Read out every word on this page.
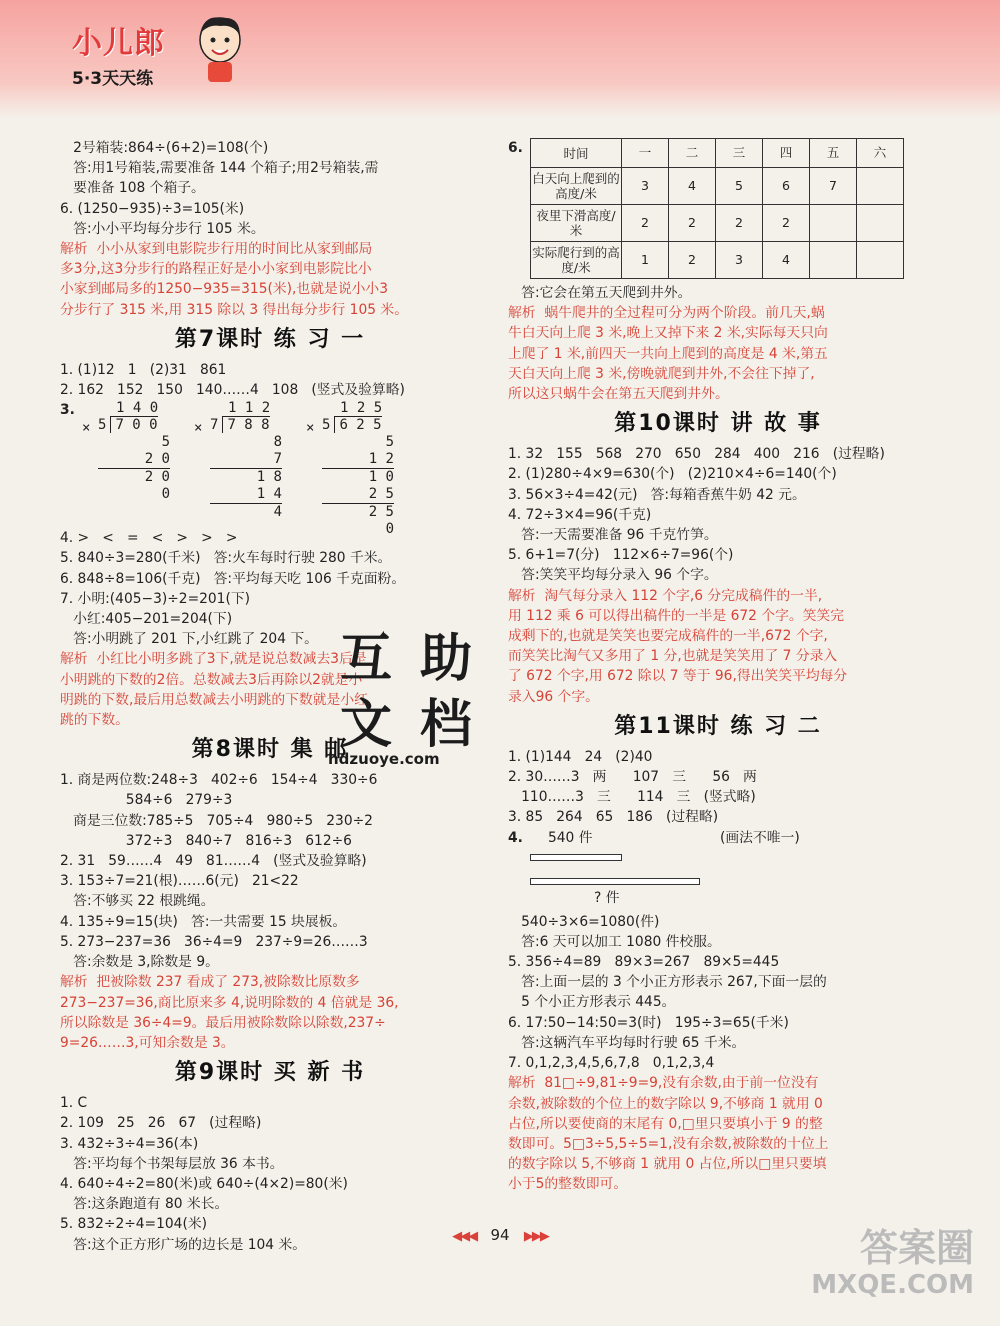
小儿郎
5·3天天练
2号箱装:864÷(6+2)=108(个)
答:用1号箱装,需要准备 144 个箱子;用2号箱装,需
要准备 108 个箱子。
6. (1250−935)÷3=105(米)
答:小小平均每分步行 105 米。
解析  小小从家到电影院步行用的时间比从家到邮局
多3分,这3分步行的路程正好是小小家到电影院比小
小家到邮局多的1250−935=315(米),也就是说小小3
分步行了 315 米,用 315 除以 3 得出每分步行 105 米。
第7课时 练 习 一
1. (1)12   1   (2)31   861
2. 162   152   150   140……4   108   (竖式及验算略)
3.
×
1 4 0
5 7 0 0
5
2 0
2 0
0
×
1 1 2
7 7 8 8
8
7
1 8
1 4
4
×
1 2 5
5 6 2 5
5
1 2
1 0
2 5
2 5
0
4. >   <   =   <   >   >   >
5. 840÷3=280(千米)   答:火车每时行驶 280 千米。
6. 848÷8=106(千克)   答:平均每天吃 106 千克面粉。
7. 小明:(405−3)÷2=201(下)
小红:405−201=204(下)
答:小明跳了 201 下,小红跳了 204 下。
解析  小红比小明多跳了3下,就是说总数减去3后是
小明跳的下数的2倍。总数减去3后再除以2就是小
明跳的下数,最后用总数减去小明跳的下数就是小红
跳的下数。
第8课时 集 邮
1. 商是两位数:248÷3   402÷6   154÷4   330÷6
584÷6   279÷3
商是三位数:785÷5   705÷4   980÷5   230÷2
372÷3   840÷7   816÷3   612÷6
2. 31   59……4   49   81……4   (竖式及验算略)
3. 153÷7=21(根)……6(元)   21<22
答:不够买 22 根跳绳。
4. 135÷9=15(块)   答:一共需要 15 块展板。
5. 273−237=36   36÷4=9   237÷9=26……3
答:余数是 3,除数是 9。
解析  把被除数 237 看成了 273,被除数比原数多
273−237=36,商比原来多 4,说明除数的 4 倍就是 36,
所以除数是 36÷4=9。最后用被除数除以除数,237÷
9=26……3,可知余数是 3。
第9课时 买 新 书
1. C
2. 109   25   26   67   (过程略)
3. 432÷3÷4=36(本)
答:平均每个书架每层放 36 本书。
4. 640÷4÷2=80(米)或 640÷(4×2)=80(米)
答:这条跑道有 80 米长。
5. 832÷2÷4=104(米)
答:这个正方形广场的边长是 104 米。
6.	时间	一	二	三	四	五	六
白天向上爬到的高度/米	3	4	5	6	7	
夜里下滑高度/米	2	2	2	2		
实际爬行到的高度/米	1	2	3	4		
答:它会在第五天爬到井外。
解析  蜗牛爬井的全过程可分为两个阶段。前几天,蜗
牛白天向上爬 3 米,晚上又掉下来 2 米,实际每天只向
上爬了 1 米,前四天一共向上爬到的高度是 4 米,第五
天白天向上爬 3 米,傍晚就爬到井外,不会往下掉了,
所以这只蜗牛会在第五天爬到井外。
第10课时 讲 故 事
1. 32   155   568   270   650   284   400   216   (过程略)
2. (1)280÷4×9=630(个)   (2)210×4÷6=140(个)
3. 56×3÷4=42(元)   答:每箱香蕉牛奶 42 元。
4. 72÷3×4=96(千克)
答:一天需要准备 96 千克竹笋。
5. 6+1=7(分)   112×6÷7=96(个)
答:笑笑平均每分录入 96 个字。
解析  淘气每分录入 112 个字,6 分完成稿件的一半,
用 112 乘 6 可以得出稿件的一半是 672 个字。笑笑完
成剩下的,也就是笑笑也要完成稿件的一半,672 个字,
而笑笑比淘气又多用了 1 分,也就是笑笑用了 7 分录入
了 672 个字,用 672 除以 7 等于 96,得出笑笑平均每分
录入96 个字。
第11课时 练 习 二
1. (1)144   24   (2)40
2. 30……3   两      107   三      56   两
110……3   三      114   三   (竖式略)
3. 85   264   65   186   (过程略)
4. 540 件	(画法不唯一)
? 件
540÷3×6=1080(件)
答:6 天可以加工 1080 件校服。
5. 356÷4=89   89×3=267   89×5=445
答:上面一层的 3 个小正方形表示 267,下面一层的
5 个小正方形表示 445。
6. 17:50−14:50=3(时)   195÷3=65(千米)
答:这辆汽车平均每时行驶 65 千米。
7. 0,1,2,3,4,5,6,7,8   0,1,2,3,4
解析  81□÷9,81÷9=9,没有余数,由于前一位没有
余数,被除数的个位上的数字除以 9,不够商 1 就用 0
占位,所以要使商的末尾有 0,□里只要填小于 9 的整
数即可。5□3÷5,5÷5=1,没有余数,被除数的十位上
的数字除以 5,不够商 1 就用 0 占位,所以□里只要填
小于5的整数即可。
互 助
文 档
hdzuoye.com
◀◀◀ 94 ▶▶▶	答案圈
MXQE.COM
